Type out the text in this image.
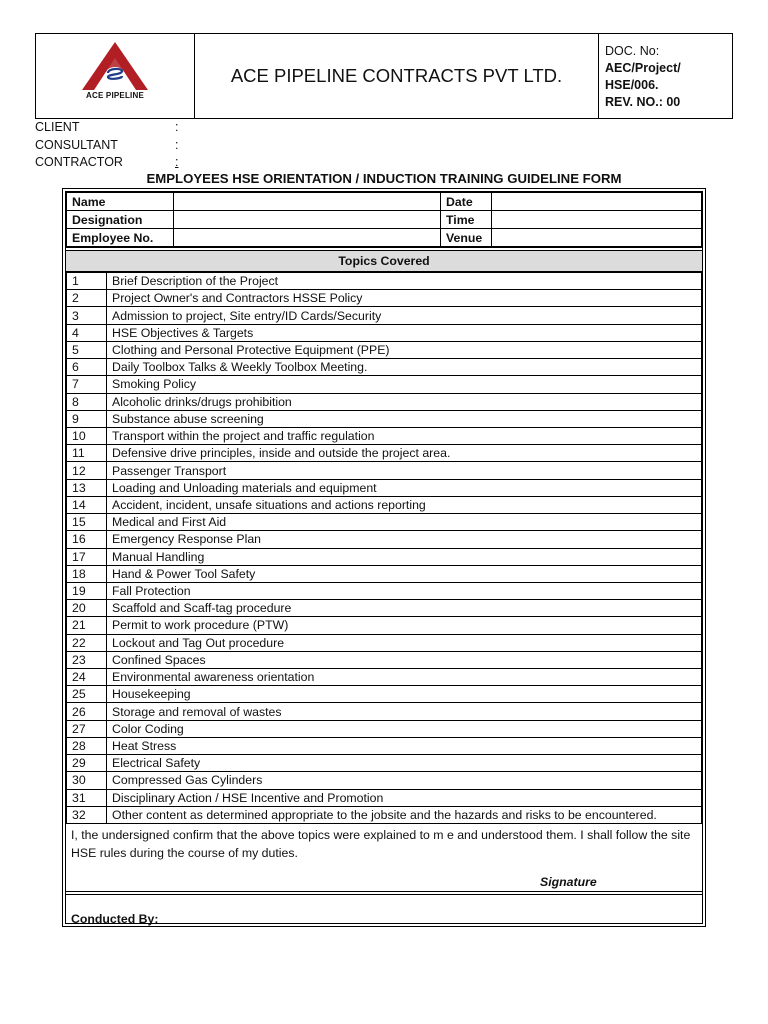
ACE PIPELINE
ACE PIPELINE CONTRACTS PVT LTD.
DOC. No:
AEC/Project/
HSE/006.
REV. NO.: 00
CLIENT	:
CONSULTANT	:
CONTRACTOR	:
EMPLOYEES HSE ORIENTATION / INDUCTION TRAINING GUIDELINE FORM
Name		Date	
Designation		Time	
Employee No.		Venue	
Topics Covered
1	Brief Description of the Project
2	Project Owner's and Contractors HSSE Policy
3	Admission to project, Site entry/ID Cards/Security
4	HSE Objectives & Targets
5	Clothing and Personal Protective Equipment (PPE)
6	Daily Toolbox Talks & Weekly Toolbox Meeting.
7	Smoking Policy
8	Alcoholic drinks/drugs prohibition
9	Substance abuse screening
10	Transport within the project and traffic regulation
11	Defensive drive principles, inside and outside the project area.
12	Passenger Transport
13	Loading and Unloading materials and equipment
14	Accident, incident, unsafe situations and actions reporting
15	Medical and First Aid
16	Emergency Response Plan
17	Manual Handling
18	Hand & Power Tool Safety
19	Fall Protection
20	Scaffold and Scaff-tag procedure
21	Permit to work procedure (PTW)
22	Lockout and Tag Out procedure
23	Confined Spaces
24	Environmental awareness orientation
25	Housekeeping
26	Storage and removal of wastes
27	Color Coding
28	Heat Stress
29	Electrical Safety
30	Compressed Gas Cylinders
31	Disciplinary Action / HSE Incentive and Promotion
32	Other content as determined appropriate to the jobsite and the hazards and risks to be encountered.
I, the undersigned confirm that the above topics were explained to m e and understood them. I shall follow the site HSE rules during the course of my duties.
Signature
Conducted By:
